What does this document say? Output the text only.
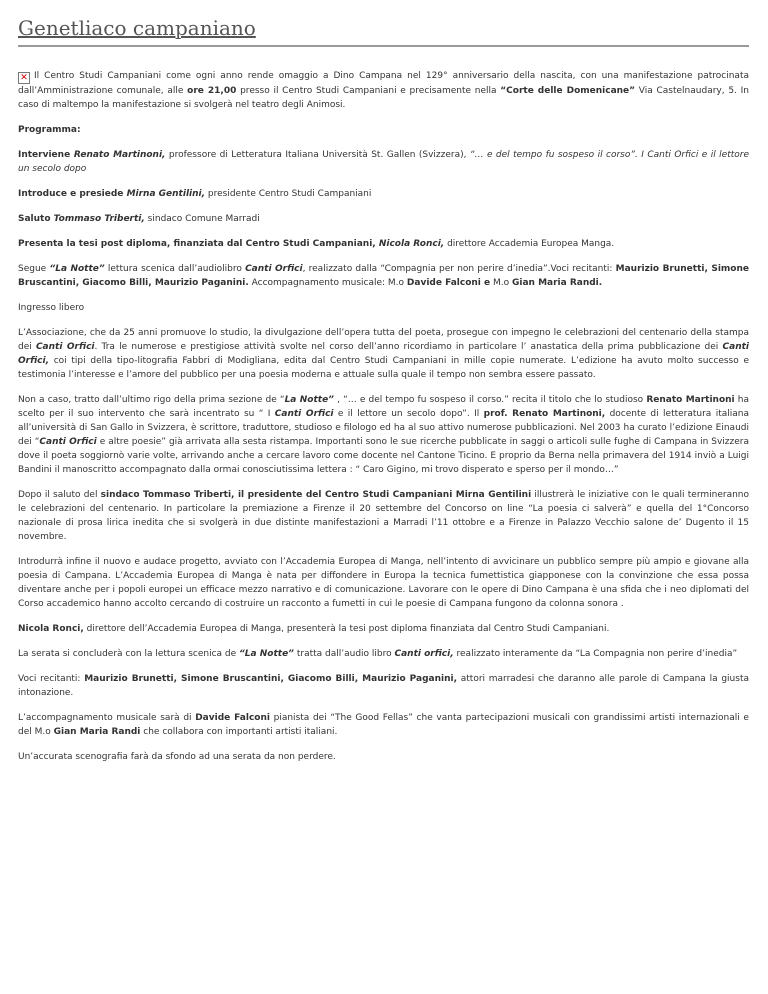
Genetliaco campaniano

✕ Il Centro Studi Campaniani come ogni anno rende omaggio a Dino Campana nel 129° anniversario della nascita, con una manifestazione patrocinata dall’Amministrazione comunale, alle ore 21,00 presso il Centro Studi Campaniani e precisamente nella “Corte delle Domenicane” Via Castelnaudary, 5. In caso di maltempo la manifestazione si svolgerà nel teatro degli Animosi.

Programma:

Interviene Renato Martinoni, professore di Letteratura Italiana Università St. Gallen (Svizzera), “… e del tempo fu sospeso il corso”. I Canti Orfici e il lettore un secolo dopo

Introduce e presiede Mirna Gentilini, presidente Centro Studi Campaniani

Saluto Tommaso Triberti, sindaco Comune Marradi

Presenta la tesi post diploma, finanziata dal Centro Studi Campaniani, Nicola Ronci, direttore Accademia Europea Manga.

Segue “La Notte” lettura scenica dall’audiolibro Canti Orfici, realizzato dalla “Compagnia per non perire d’inedia”.Voci recitanti: Maurizio Brunetti, Simone Bruscantini, Giacomo Billi, Maurizio Paganini. Accompagnamento musicale: M.o Davide Falconi e M.o Gian Maria Randi.

Ingresso libero

L’Associazione, che da 25 anni promuove lo studio, la divulgazione dell’opera tutta del poeta, prosegue con impegno le celebrazioni del centenario della stampa dei Canti Orfici. Tra le numerose e prestigiose attività svolte nel corso dell’anno ricordiamo in particolare l’ anastatica della prima pubblicazione dei Canti Orfici, coi tipi della tipo-litografia Fabbri di Modigliana, edita dal Centro Studi Campaniani in mille copie numerate. L’edizione ha avuto molto successo e testimonia l’interesse e l’amore del pubblico per una poesia moderna e attuale sulla quale il tempo non sembra essere passato.

Non a caso, tratto dall’ultimo rigo della prima sezione de “La Notte” , “… e del tempo fu sospeso il corso.” recita il titolo che lo studioso Renato Martinoni ha scelto per il suo intervento che sarà incentrato su “ I Canti Orfici e il lettore un secolo dopo”. Il prof. Renato Martinoni, docente di letteratura italiana all’università di San Gallo in Svizzera, è scrittore, traduttore, studioso e filologo ed ha al suo attivo numerose pubblicazioni. Nel 2003 ha curato l’edizione Einaudi dei “Canti Orfici e altre poesie” già arrivata alla sesta ristampa. Importanti sono le sue ricerche pubblicate in saggi o articoli sulle fughe di Campana in Svizzera dove il poeta soggiornò varie volte, arrivando anche a cercare lavoro come docente nel Cantone Ticino. E proprio da Berna nella primavera del 1914 inviò a Luigi Bandini il manoscritto accompagnato dalla ormai conosciutissima lettera : “ Caro Gigino, mi trovo disperato e sperso per il mondo…”

Dopo il saluto del sindaco Tommaso Triberti, il presidente del Centro Studi Campaniani Mirna Gentilini illustrerà le iniziative con le quali termineranno le celebrazioni del centenario. In particolare la premiazione a Firenze il 20 settembre del Concorso on line “La poesia ci salverà” e quella del 1°Concorso nazionale di prosa lirica inedita che si svolgerà in due distinte manifestazioni a Marradi l’11 ottobre e a Firenze in Palazzo Vecchio salone de’ Dugento il 15 novembre.

Introdurrà infine il nuovo e audace progetto, avviato con l’Accademia Europea di Manga, nell’intento di avvicinare un pubblico sempre più ampio e giovane alla poesia di Campana. L’Accademia Europea di Manga è nata per diffondere in Europa la tecnica fumettistica giapponese con la convinzione che essa possa diventare anche per i popoli europei un efficace mezzo narrativo e di comunicazione. Lavorare con le opere di Dino Campana è una sfida che i neo diplomati del Corso accademico hanno accolto cercando di costruire un racconto a fumetti in cui le poesie di Campana fungono da colonna sonora .

Nicola Ronci, direttore dell’Accademia Europea di Manga, presenterà la tesi post diploma finanziata dal Centro Studi Campaniani.

La serata si concluderà con la lettura scenica de “La Notte” tratta dall’audio libro Canti orfici, realizzato interamente da “La Compagnia non perire d’inedia”

Voci recitanti: Maurizio Brunetti, Simone Bruscantini, Giacomo Billi, Maurizio Paganini, attori marradesi che daranno alle parole di Campana la giusta intonazione.

L’accompagnamento musicale sarà di Davide Falconi pianista dei “The Good Fellas” che vanta partecipazioni musicali con grandissimi artisti internazionali e del M.o Gian Maria Randi che collabora con importanti artisti italiani.

Un’accurata scenografia farà da sfondo ad una serata da non perdere.
